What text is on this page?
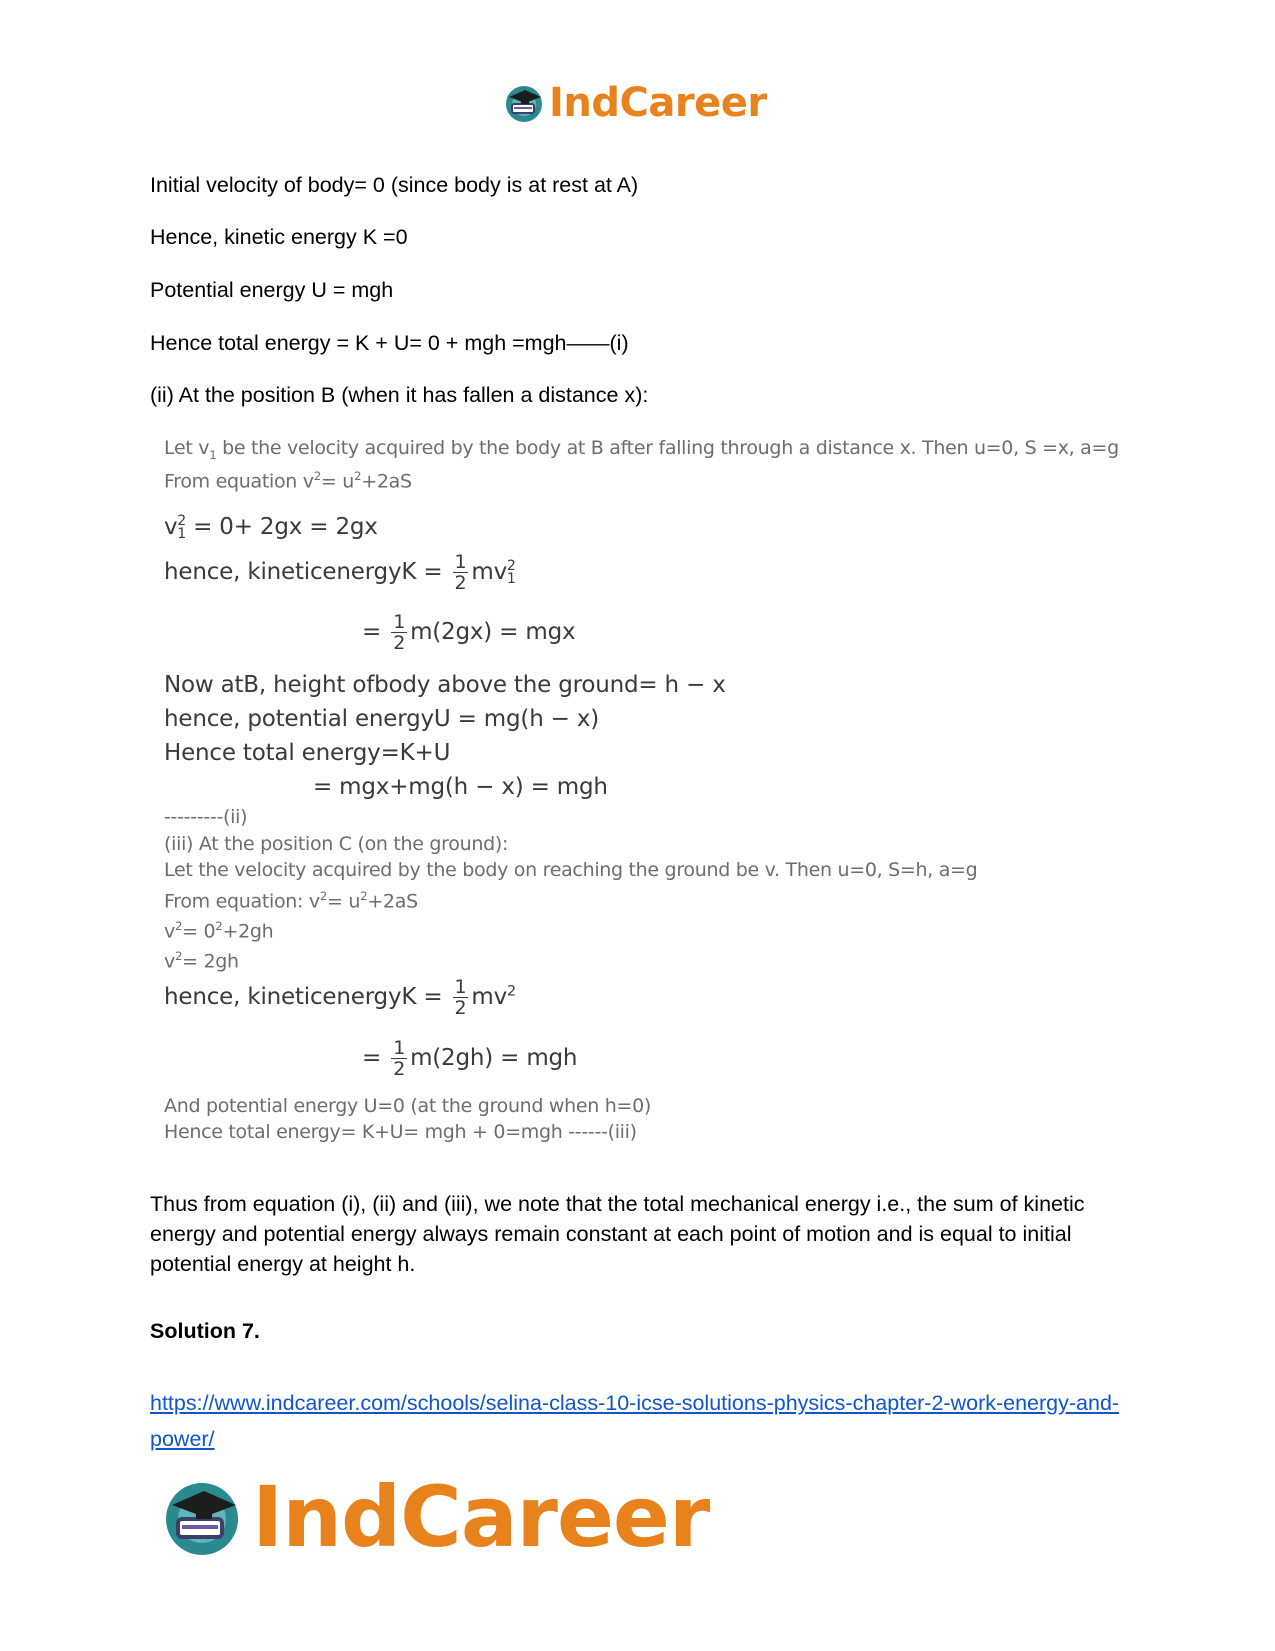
IndCareer
Initial velocity of body= 0 (since body is at rest at A)
Hence, kinetic energy K =0
Potential energy U = mgh
Hence total energy = K + U= 0 + mgh =mgh——(i)
(ii) At the position B (when it has fallen a distance x):
Let $v_1$ be the velocity acquired by the body at B after falling through a distance x. Then u=0, S =x, a=g
From equation $v^2= u^2+2aS$
v2
1 = 0+ 2gx = 2gx
hence, kineticenergyK = $\frac{1}{2} mv2$
1
= $\frac{1}{2} m(2gx)$ = mgx
Now atB, height ofbody above the ground= h − x
hence, potential energyU = mg(h − x)
Hence total energy=K+U
= mgx+mg(h − x) = mgh
---------(ii)
(iii) At the position C (on the ground):
Let the velocity acquired by the body on reaching the ground be v. Then u=0, S=h, a=g
From equation: $v^2= u^2+2aS$
$v^2= 0^2+2gh$
$v^2= 2gh$
hence, kineticenergyK = $\frac{1}{2} mv^2$
= $\frac{1}{2} m(2gh)$ = mgh
And potential energy U=0 (at the ground when h=0)
Hence total energy= K+U= mgh + 0=mgh ------(iii)
Thus from equation (i), (ii) and (iii), we note that the total mechanical energy i.e., the sum of kinetic energy and potential energy always remain constant at each point of motion and is equal to initial potential energy at height h.
Solution 7.
https://www.indcareer.com/schools/selina-class-10-icse-solutions-physics-chapter-2-work-energy-and-power/
IndCareer
